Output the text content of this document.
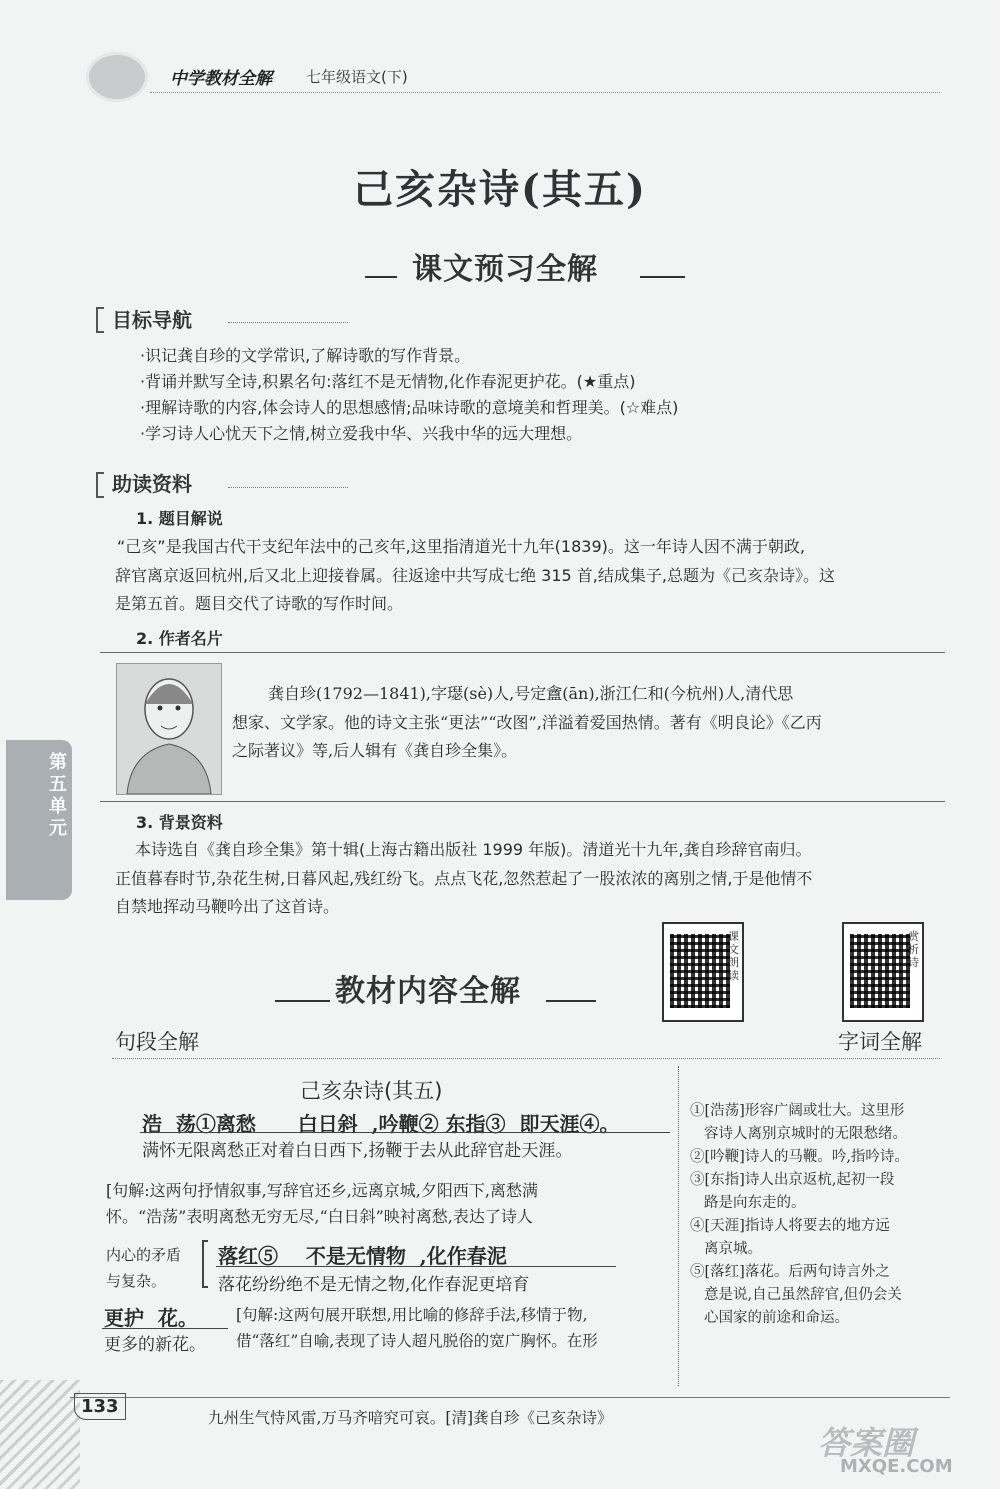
中学教材全解 七年级语文(下)
己亥杂诗(其五)
课文预习全解
目标导航
·识记龚自珍的文学常识,了解诗歌的写作背景。
·背诵并默写全诗,积累名句:落红不是无情物,化作春泥更护花。(★重点)
·理解诗歌的内容,体会诗人的思想感情;品味诗歌的意境美和哲理美。(☆难点)
·学习诗人心忧天下之情,树立爱我中华、兴我中华的远大理想。
助读资料
1. 题目解说
“己亥”是我国古代干支纪年法中的己亥年,这里指清道光十九年(1839)。这一年诗人因不满于朝政,
辞官离京返回杭州,后又北上迎接眷属。往返途中共写成七绝 315 首,结成集子,总题为《己亥杂诗》。这
是第五首。题目交代了诗歌的写作时间。
2. 作者名片
龚自珍(1792—1841),字璱(sè)人,号定盦(ān),浙江仁和(今杭州)人,清代思
想家、文学家。他的诗文主张“更法”“改图”,洋溢着爱国热情。著有《明良论》《乙丙
之际著议》等,后人辑有《龚自珍全集》。
3. 背景资料
本诗选自《龚自珍全集》第十辑(上海古籍出版社 1999 年版)。清道光十九年,龚自珍辞官南归。
正值暮春时节,杂花生树,日暮风起,残红纷飞。点点飞花,忽然惹起了一股浓浓的离别之情,于是他情不
自禁地挥动马鞭吟出了这首诗。
第五单元
课文朗读
赏析诗
教材内容全解
句段全解	字词全解
己亥杂诗(其五)
浩  荡①离愁      白日斜  ,吟鞭② 东指③  即天涯④。
满怀无限离愁正对着白日西下,扬鞭于去从此辞官赴天涯。
[句解:这两句抒情叙事,写辞官还乡,远离京城,夕阳西下,离愁满
怀。“浩荡”表明离愁无穷无尽,“白日斜”映衬离愁,表达了诗人
内心的矛盾
与复杂。
落红⑤    不是无情物  ,化作春泥
落花纷纷绝不是无情之物,化作春泥更培育
更护  花。
更多的新花。
[句解:这两句展开联想,用比喻的修辞手法,移情于物,
借“落红”自喻,表现了诗人超凡脱俗的宽广胸怀。在形
①[浩荡]形容广阔或壮大。这里形
容诗人离别京城时的无限愁绪。
②[吟鞭]诗人的马鞭。吟,指吟诗。
③[东指]诗人出京返杭,起初一段
路是向东走的。
④[天涯]指诗人将要去的地方远
离京城。
⑤[落红]落花。后两句诗言外之
意是说,自己虽然辞官,但仍会关
心国家的前途和命运。
133
九州生气恃风雷,万马齐喑究可哀。[清]龚自珍《己亥杂诗》
答案圈
MXQE.COM
